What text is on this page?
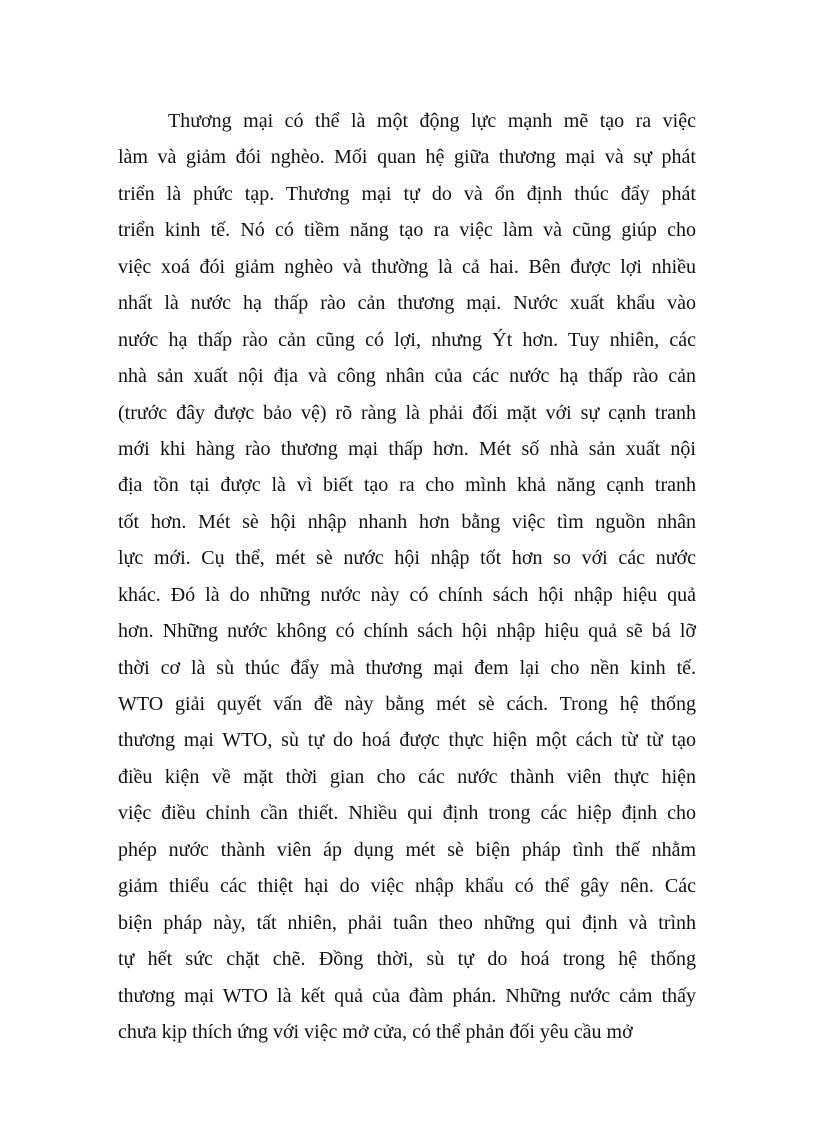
Thương mại có thể là một động lực mạnh mẽ tạo ra việc
làm và giảm đói nghèo. Mối quan hệ giữa thương mại và sự phát
triển là phức tạp. Thương mại tự do và ổn định thúc đẩy phát
triển kinh tế. Nó có tiềm năng tạo ra việc làm và cũng giúp cho
việc xoá đói giảm nghèo và thường là cả hai. Bên được lợi nhiều
nhất là nước hạ thấp rào cản thương mại. Nước xuất khẩu vào
nước hạ thấp rào cản cũng có lợi, nhưng Ýt hơn. Tuy nhiên, các
nhà sản xuất nội địa và công nhân của các nước hạ thấp rào cản
(trước đây được bảo vệ) rõ ràng là phải đối mặt với sự cạnh tranh
mới khi hàng rào thương mại thấp hơn. Mét số nhà sản xuất nội
địa tồn tại được là vì biết tạo ra cho mình khả năng cạnh tranh
tốt hơn. Mét sè hội nhập nhanh hơn bằng việc tìm nguồn nhân
lực mới. Cụ thể, mét sè nước hội nhập tốt hơn so với các nước
khác. Đó là do những nước này có chính sách hội nhập hiệu quả
hơn. Những nước không có chính sách hội nhập hiệu quả sẽ bá lỡ
thời cơ là sù thúc đẩy mà thương mại đem lại cho nền kinh tế.
WTO giải quyết vấn đề này bằng mét sè cách. Trong hệ thống
thương mại WTO, sù tự do hoá được thực hiện một cách từ từ tạo
điều kiện về mặt thời gian cho các nước thành viên thực hiện
việc điều chỉnh cần thiết. Nhiều qui định trong các hiệp định cho
phép nước thành viên áp dụng mét sè biện pháp tình thế nhằm
giảm thiểu các thiệt hại do việc nhập khẩu có thể gây nên. Các
biện pháp này, tất nhiên, phải tuân theo những qui định và trình
tự hết sức chặt chẽ. Đồng thời, sù tự do hoá trong hệ thống
thương mại WTO là kết quả của đàm phán. Những nước cảm thấy
chưa kịp thích ứng với việc mở cửa, có thể phản đối yêu cầu mở
